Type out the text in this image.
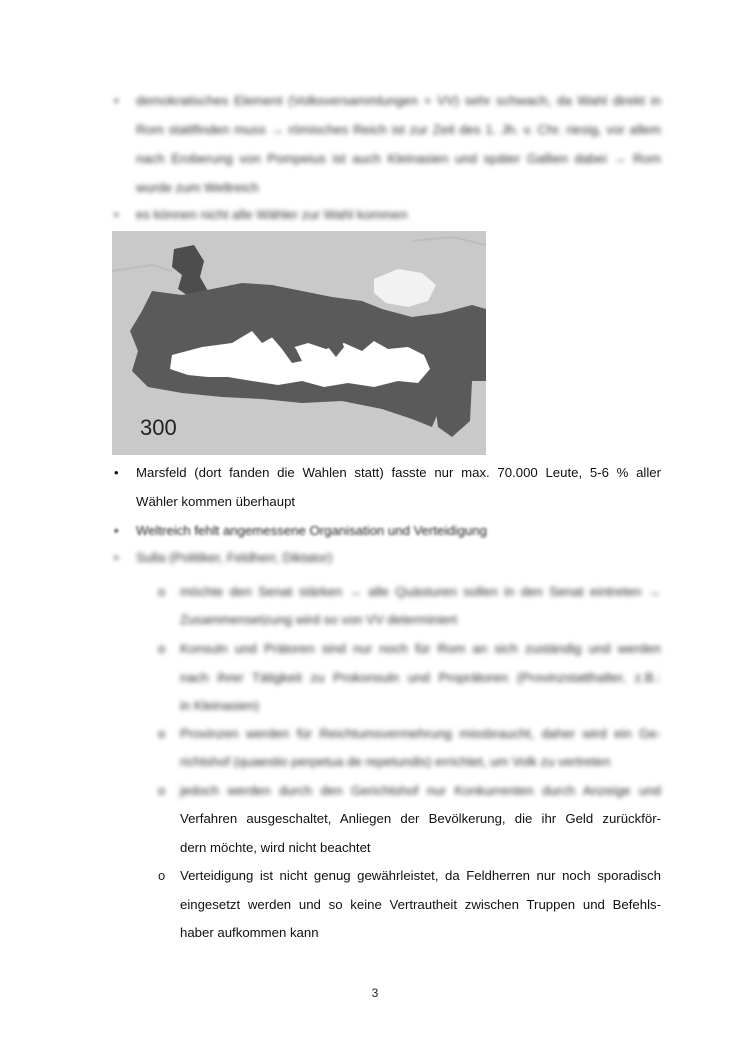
• demokratisches Element (Volksversammlungen + VV) sehr schwach, da Wahl direkt in
Rom stattfinden muss → römisches Reich ist zur Zeit des 1. Jh. v. Chr. riesig, vor allem
nach Eroberung von Pompeius ist auch Kleinasien und später Gallien dabei → Rom
wurde zum Weltreich
• es können nicht alle Wähler zur Wahl kommen
300
• Marsfeld (dort fanden die Wahlen statt) fasste nur max. 70.000 Leute, 5-6 % aller
Wähler kommen überhaupt
• Weltreich fehlt angemessene Organisation und Verteidigung
• Sulla (Politiker, Feldherr, Diktator)
o möchte den Senat stärken → alle Quästuren sollen in den Senat eintreten →
Zusammensetzung wird so von VV determiniert
o Konsuln und Prätoren sind nur noch für Rom an sich zuständig und werden
nach ihrer Tätigkeit zu Prokonsuln und Proprätoren (Provinzstatthalter, z.B.:
in Kleinasien)
o Provinzen werden für Reichtumsvermehrung missbraucht, daher wird ein Ge-
richtshof (quaestio perpetua de repetundis) errichtet, um Volk zu vertreten
o jedoch werden durch den Gerichtshof nur Konkurrenten durch Anzeige und
Verfahren ausgeschaltet, Anliegen der Bevölkerung, die ihr Geld zurückför-
dern möchte, wird nicht beachtet
o Verteidigung ist nicht genug gewährleistet, da Feldherren nur noch sporadisch
eingesetzt werden und so keine Vertrautheit zwischen Truppen und Befehls-
haber aufkommen kann
3
